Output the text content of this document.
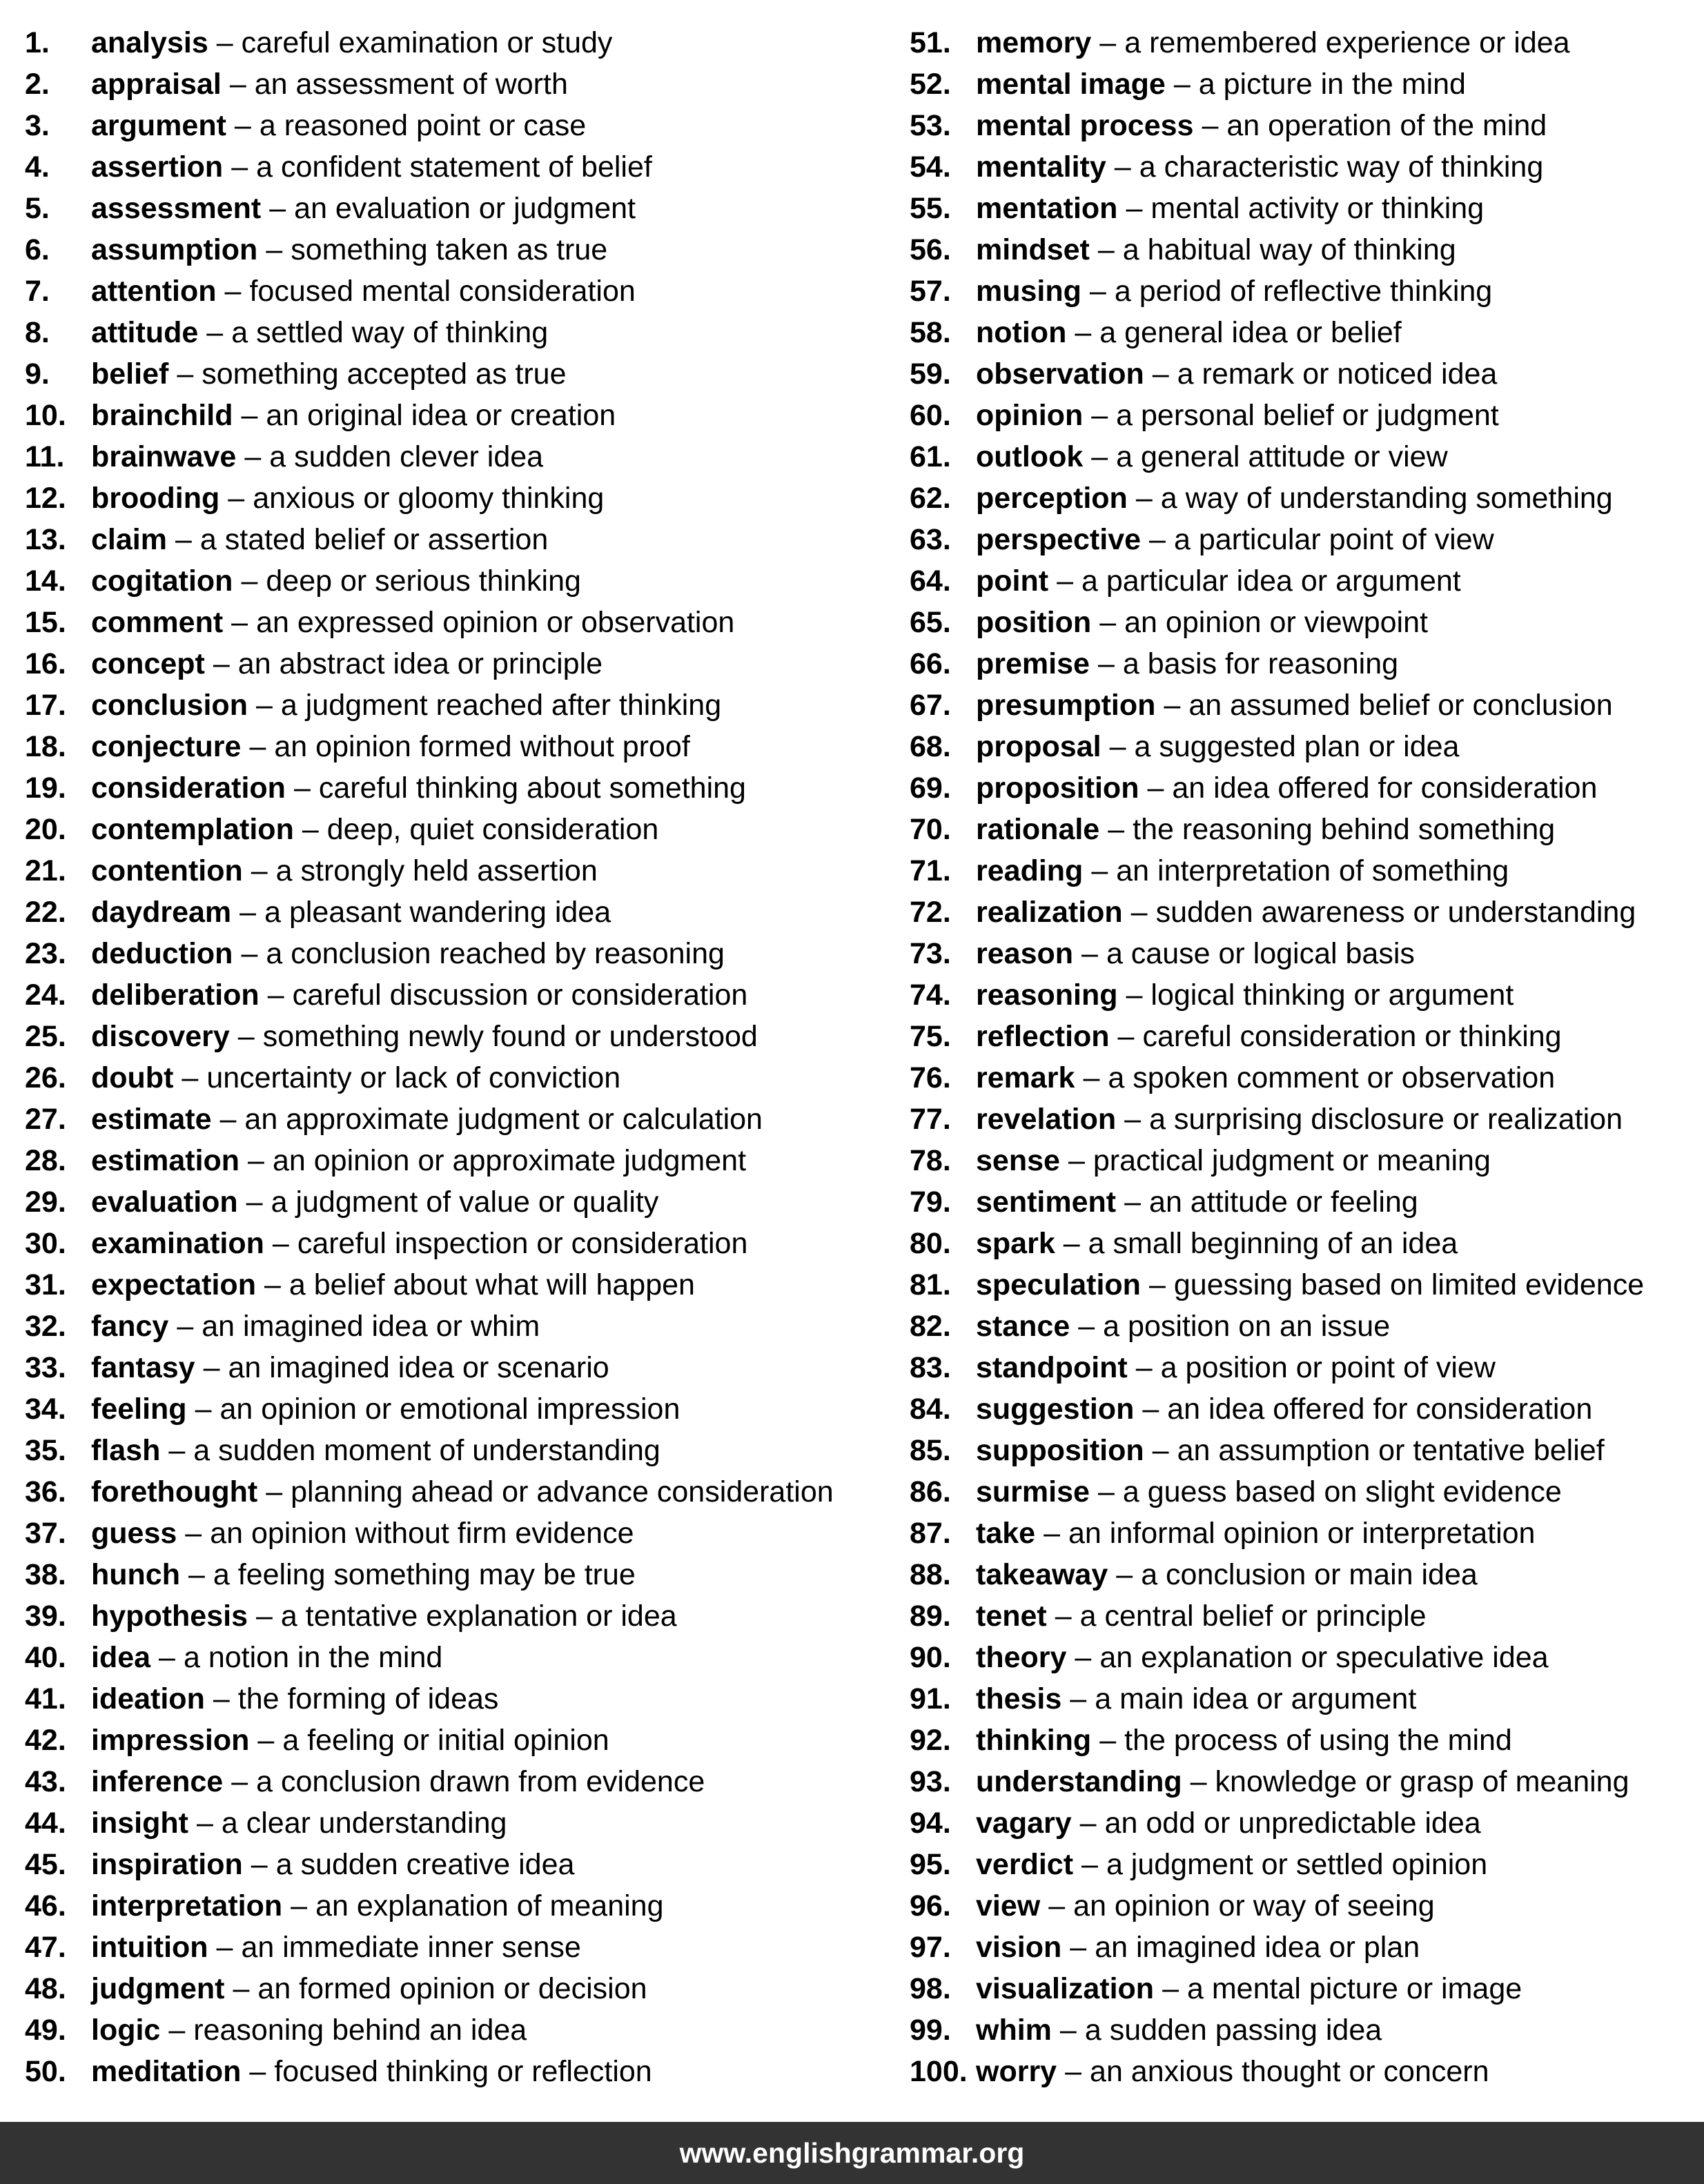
1. analysis – careful examination or study
2. appraisal – an assessment of worth
3. argument – a reasoned point or case
4. assertion – a confident statement of belief
5. assessment – an evaluation or judgment
6. assumption – something taken as true
7. attention – focused mental consideration
8. attitude – a settled way of thinking
9. belief – something accepted as true
10. brainchild – an original idea or creation
11. brainwave – a sudden clever idea
12. brooding – anxious or gloomy thinking
13. claim – a stated belief or assertion
14. cogitation – deep or serious thinking
15. comment – an expressed opinion or observation
16. concept – an abstract idea or principle
17. conclusion – a judgment reached after thinking
18. conjecture – an opinion formed without proof
19. consideration – careful thinking about something
20. contemplation – deep, quiet consideration
21. contention – a strongly held assertion
22. daydream – a pleasant wandering idea
23. deduction – a conclusion reached by reasoning
24. deliberation – careful discussion or consideration
25. discovery – something newly found or understood
26. doubt – uncertainty or lack of conviction
27. estimate – an approximate judgment or calculation
28. estimation – an opinion or approximate judgment
29. evaluation – a judgment of value or quality
30. examination – careful inspection or consideration
31. expectation – a belief about what will happen
32. fancy – an imagined idea or whim
33. fantasy – an imagined idea or scenario
34. feeling – an opinion or emotional impression
35. flash – a sudden moment of understanding
36. forethought – planning ahead or advance consideration
37. guess – an opinion without firm evidence
38. hunch – a feeling something may be true
39. hypothesis – a tentative explanation or idea
40. idea – a notion in the mind
41. ideation – the forming of ideas
42. impression – a feeling or initial opinion
43. inference – a conclusion drawn from evidence
44. insight – a clear understanding
45. inspiration – a sudden creative idea
46. interpretation – an explanation of meaning
47. intuition – an immediate inner sense
48. judgment – an formed opinion or decision
49. logic – reasoning behind an idea
50. meditation – focused thinking or reflection
51. memory – a remembered experience or idea
52. mental image – a picture in the mind
53. mental process – an operation of the mind
54. mentality – a characteristic way of thinking
55. mentation – mental activity or thinking
56. mindset – a habitual way of thinking
57. musing – a period of reflective thinking
58. notion – a general idea or belief
59. observation – a remark or noticed idea
60. opinion – a personal belief or judgment
61. outlook – a general attitude or view
62. perception – a way of understanding something
63. perspective – a particular point of view
64. point – a particular idea or argument
65. position – an opinion or viewpoint
66. premise – a basis for reasoning
67. presumption – an assumed belief or conclusion
68. proposal – a suggested plan or idea
69. proposition – an idea offered for consideration
70. rationale – the reasoning behind something
71. reading – an interpretation of something
72. realization – sudden awareness or understanding
73. reason – a cause or logical basis
74. reasoning – logical thinking or argument
75. reflection – careful consideration or thinking
76. remark – a spoken comment or observation
77. revelation – a surprising disclosure or realization
78. sense – practical judgment or meaning
79. sentiment – an attitude or feeling
80. spark – a small beginning of an idea
81. speculation – guessing based on limited evidence
82. stance – a position on an issue
83. standpoint – a position or point of view
84. suggestion – an idea offered for consideration
85. supposition – an assumption or tentative belief
86. surmise – a guess based on slight evidence
87. take – an informal opinion or interpretation
88. takeaway – a conclusion or main idea
89. tenet – a central belief or principle
90. theory – an explanation or speculative idea
91. thesis – a main idea or argument
92. thinking – the process of using the mind
93. understanding – knowledge or grasp of meaning
94. vagary – an odd or unpredictable idea
95. verdict – a judgment or settled opinion
96. view – an opinion or way of seeing
97. vision – an imagined idea or plan
98. visualization – a mental picture or image
99. whim – a sudden passing idea
100. worry – an anxious thought or concern
www.englishgrammar.org
